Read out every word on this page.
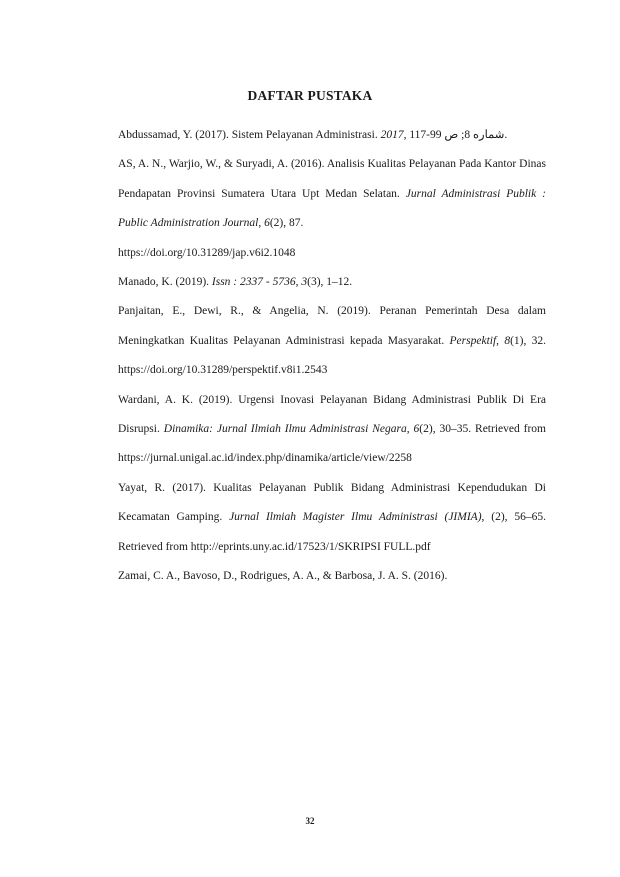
DAFTAR PUSTAKA

Abdussamad, Y. (2017). Sistem Pelayanan Administrasi. 2017, شماره 8; ص 99-117.

AS, A. N., Warjio, W., & Suryadi, A. (2016). Analisis Kualitas Pelayanan Pada Kantor Dinas Pendapatan Provinsi Sumatera Utara Upt Medan Selatan. Jurnal Administrasi Publik : Public Administration Journal, 6(2), 87.
https://doi.org/10.31289/jap.v6i2.1048

Manado, K. (2019). Issn : 2337 - 5736, 3(3), 1–12.

Panjaitan, E., Dewi, R., & Angelia, N. (2019). Peranan Pemerintah Desa dalam Meningkatkan Kualitas Pelayanan Administrasi kepada Masyarakat. Perspektif, 8(1), 32. https://doi.org/10.31289/perspektif.v8i1.2543

Wardani, A. K. (2019). Urgensi Inovasi Pelayanan Bidang Administrasi Publik Di Era Disrupsi. Dinamika: Jurnal Ilmiah Ilmu Administrasi Negara, 6(2), 30–35. Retrieved from https://jurnal.unigal.ac.id/index.php/dinamika/article/view/2258

Yayat, R. (2017). Kualitas Pelayanan Publik Bidang Administrasi Kependudukan Di Kecamatan Gamping. Jurnal Ilmiah Magister Ilmu Administrasi (JIMIA), (2), 56–65. Retrieved from http://eprints.uny.ac.id/17523/1/SKRIPSI FULL.pdf

Zamai, C. A., Bavoso, D., Rodrigues, A. A., & Barbosa, J. A. S. (2016).

32
